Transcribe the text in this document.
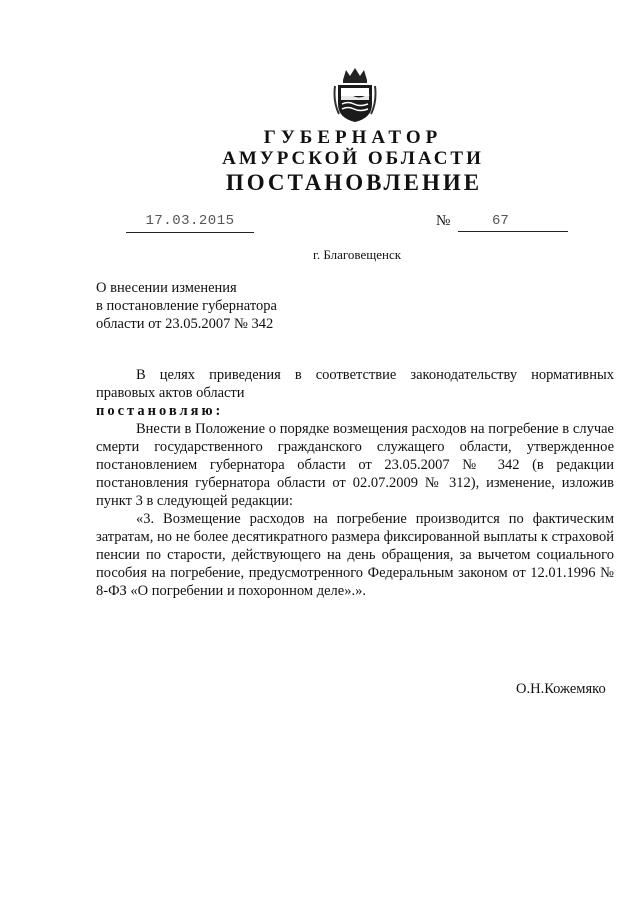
ГУБЕРНАТОР
АМУРСКОЙ ОБЛАСТИ
ПОСТАНОВЛЕНИЕ
17.03.2015	№	67
г. Благовещенск
О внесении изменения
в постановление губернатора
области от 23.05.2007 № 342

В целях приведения в соответствие законодательству нормативных правовых актов области

постановляю:

Внести в Положение о порядке возмещения расходов на погребение в случае смерти государственного гражданского служащего области, утвержденное постановлением губернатора области от 23.05.2007 № 342 (в редакции постановления губернатора области от 02.07.2009 № 312), изменение, изложив пункт 3 в следующей редакции:

«3. Возмещение расходов на погребение производится по фактическим затратам, но не более десятикратного размера фиксированной выплаты к страховой пенсии по старости, действующего на день обращения, за вычетом социального пособия на погребение, предусмотренного Федеральным законом от 12.01.1996 № 8-ФЗ «О погребении и похоронном деле».».

О.Н.Кожемяко
